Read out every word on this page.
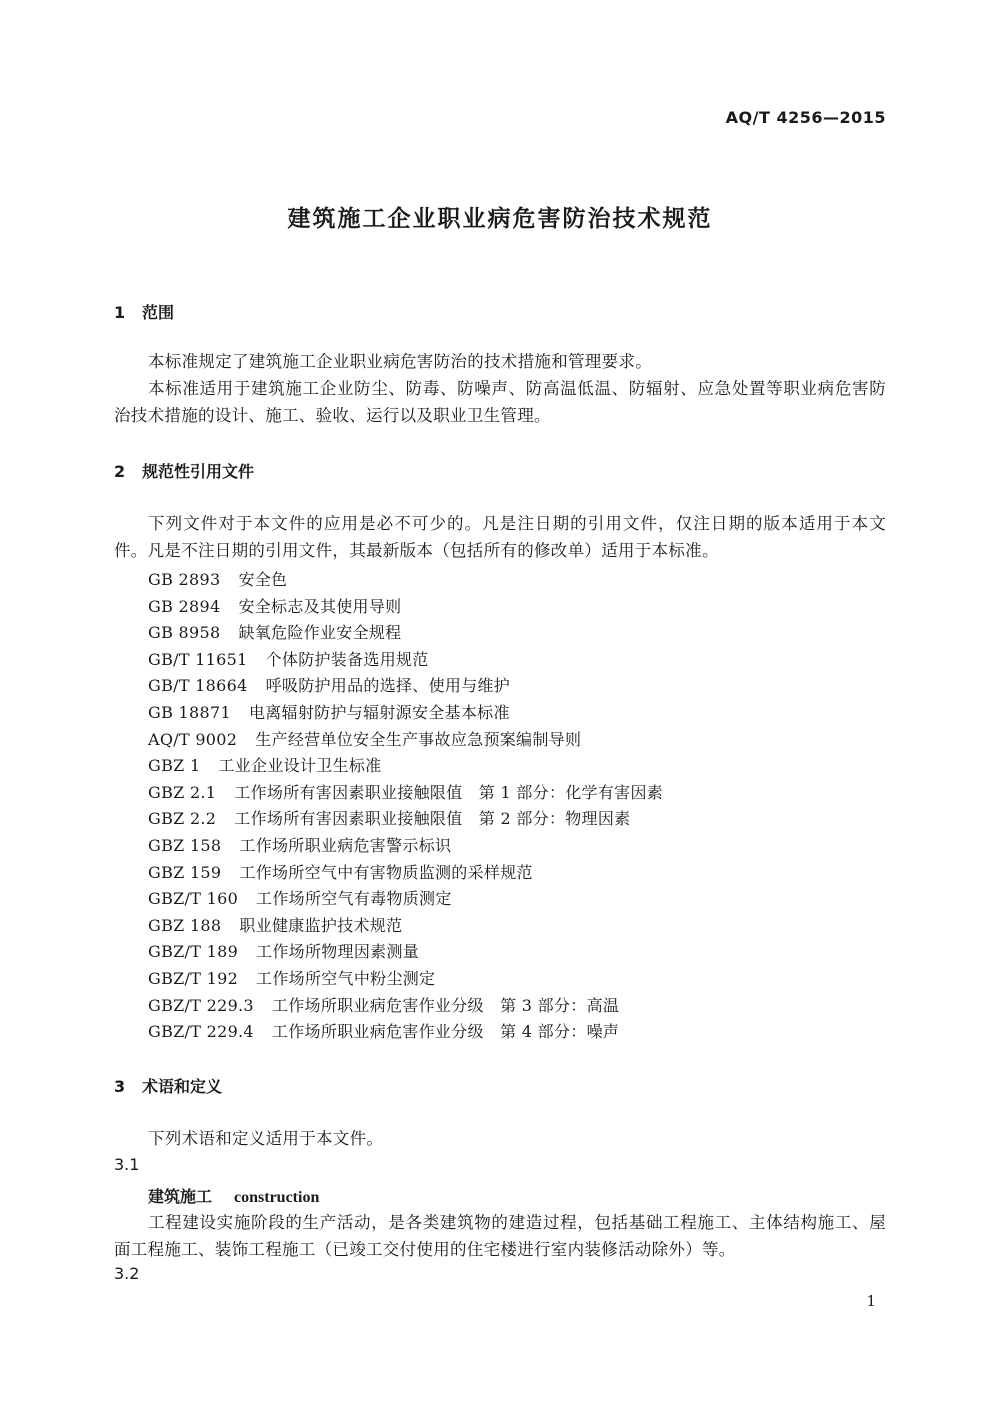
AQ/T 4256—2015
建筑施工企业职业病危害防治技术规范
1 范围
本标准规定了建筑施工企业职业病危害防治的技术措施和管理要求。
本标准适用于建筑施工企业防尘、防毒、防噪声、防高温低温、防辐射、应急处置等职业病危害防治技术措施的设计、施工、验收、运行以及职业卫生管理。
2 规范性引用文件
下列文件对于本文件的应用是必不可少的。凡是注日期的引用文件，仅注日期的版本适用于本文件。凡是不注日期的引用文件，其最新版本（包括所有的修改单）适用于本标准。
GB 2893 安全色
GB 2894 安全标志及其使用导则
GB 8958 缺氧危险作业安全规程
GB/T 11651 个体防护装备选用规范
GB/T 18664 呼吸防护用品的选择、使用与维护
GB 18871 电离辐射防护与辐射源安全基本标准
AQ/T 9002 生产经营单位安全生产事故应急预案编制导则
GBZ 1 工业企业设计卫生标准
GBZ 2.1 工作场所有害因素职业接触限值　第 1 部分：化学有害因素
GBZ 2.2 工作场所有害因素职业接触限值　第 2 部分：物理因素
GBZ 158 工作场所职业病危害警示标识
GBZ 159 工作场所空气中有害物质监测的采样规范
GBZ/T 160 工作场所空气有毒物质测定
GBZ 188 职业健康监护技术规范
GBZ/T 189 工作场所物理因素测量
GBZ/T 192 工作场所空气中粉尘测定
GBZ/T 229.3 工作场所职业病危害作业分级　第 3 部分：高温
GBZ/T 229.4 工作场所职业病危害作业分级　第 4 部分：噪声
3 术语和定义
下列术语和定义适用于本文件。
3.1
建筑施工 construction
工程建设实施阶段的生产活动，是各类建筑物的建造过程，包括基础工程施工、主体结构施工、屋面工程施工、装饰工程施工（已竣工交付使用的住宅楼进行室内装修活动除外）等。
3.2
1
